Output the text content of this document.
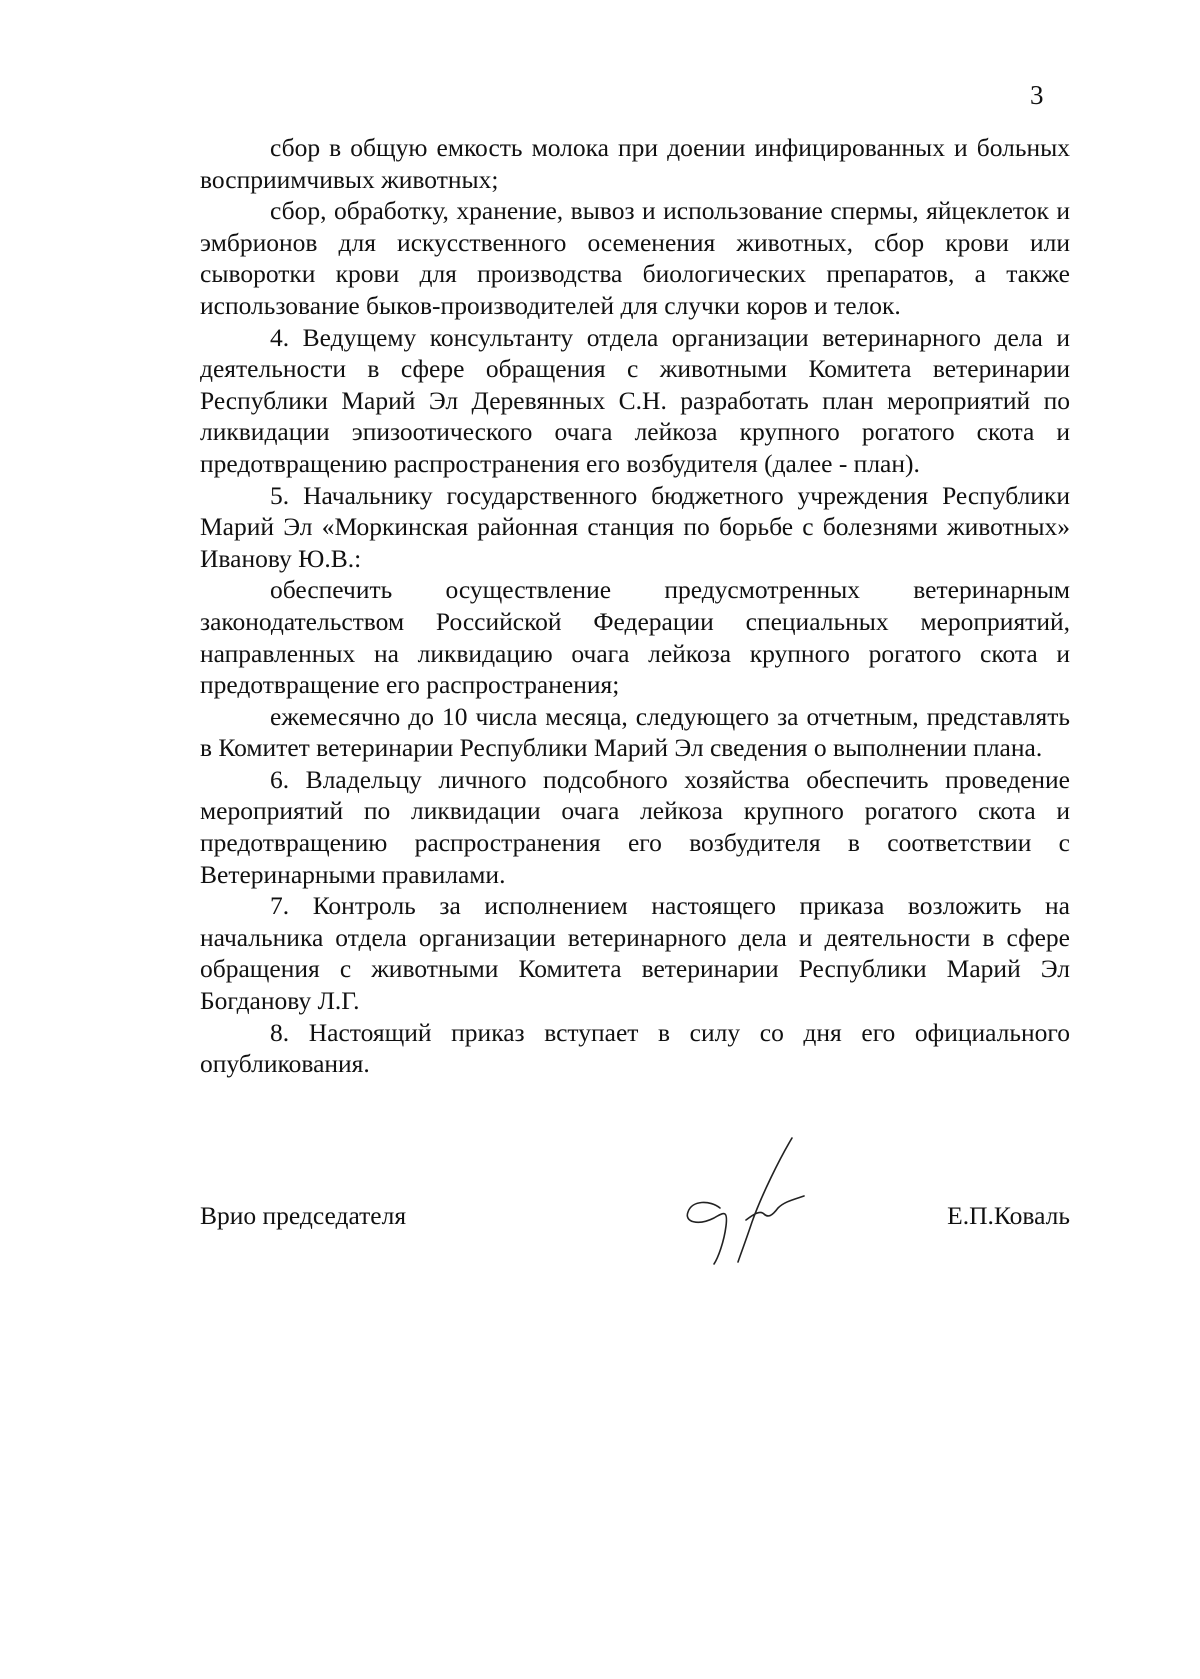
3

сбор в общую емкость молока при доении инфицированных и больных восприимчивых животных;

сбор, обработку, хранение, вывоз и использование спермы, яйцеклеток и эмбрионов для искусственного осеменения животных, сбор крови или сыворотки крови для производства биологических препаратов, а также использование быков-производителей для случки коров и телок.

4. Ведущему консультанту отдела организации ветеринарного дела и деятельности в сфере обращения с животными Комитета ветеринарии Республики Марий Эл Деревянных С.Н. разработать план мероприятий по ликвидации эпизоотического очага лейкоза крупного рогатого скота и предотвращению распространения его возбудителя (далее - план).

5. Начальнику государственного бюджетного учреждения Республики Марий Эл «Моркинская районная станция по борьбе с болезнями животных» Иванову Ю.В.:

обеспечить осуществление предусмотренных ветеринарным законодательством Российской Федерации специальных мероприятий, направленных на ликвидацию очага лейкоза крупного рогатого скота и предотвращение его распространения;

ежемесячно до 10 числа месяца, следующего за отчетным, представлять в Комитет ветеринарии Республики Марий Эл сведения о выполнении плана.

6. Владельцу личного подсобного хозяйства обеспечить проведение мероприятий по ликвидации очага лейкоза крупного рогатого скота и предотвращению распространения его возбудителя в соответствии с Ветеринарными правилами.

7. Контроль за исполнением настоящего приказа возложить на начальника отдела организации ветеринарного дела и деятельности в сфере обращения с животными Комитета ветеринарии Республики Марий Эл Богданову Л.Г.

8. Настоящий приказ вступает в силу со дня его официального опубликования.

Врио председателя	Е.П.Коваль
